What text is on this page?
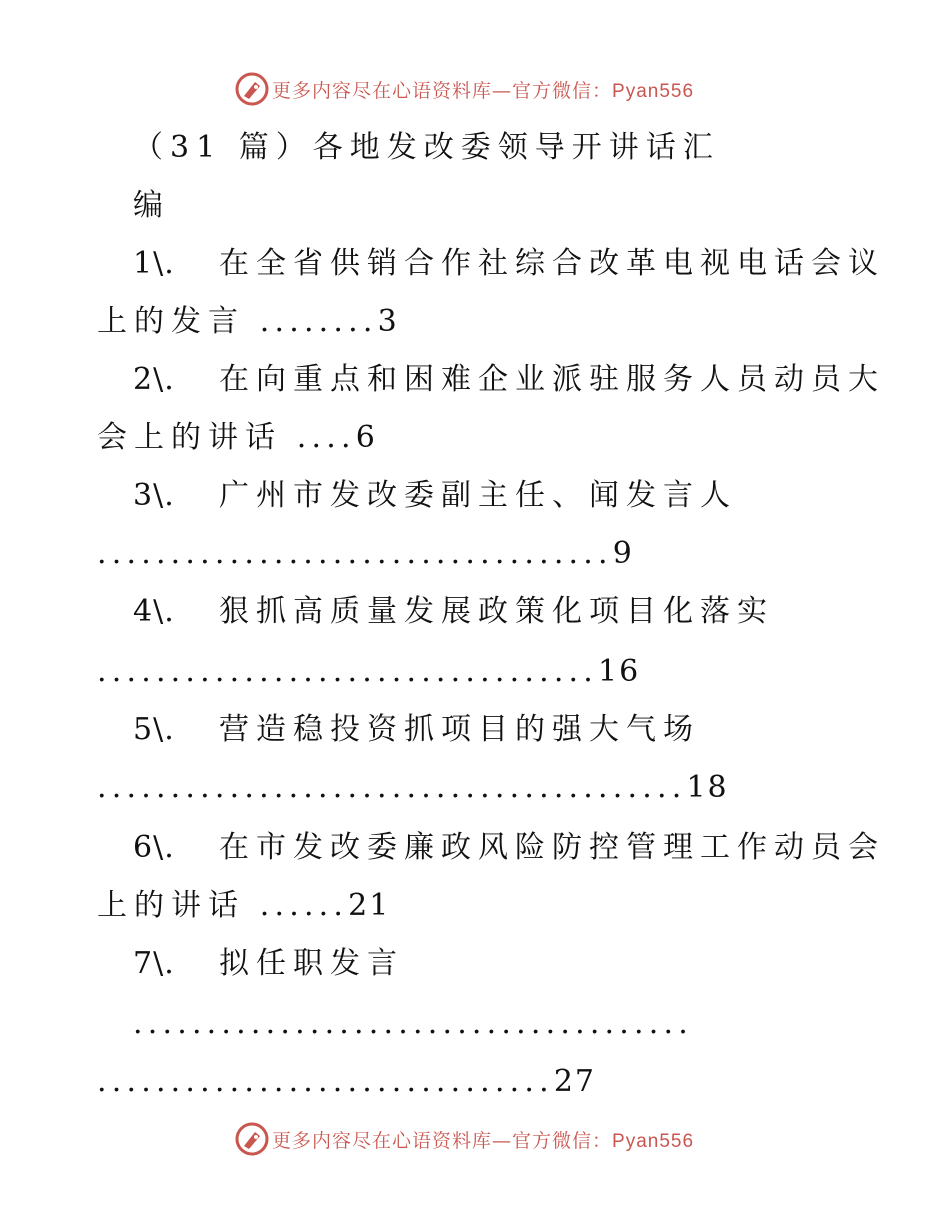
更多内容尽在心语资料库—官方微信：Pyan556
（31 篇）各地发改委领导开讲话汇
编
1\. 在全省供销合作社综合改革电视电话会议
上的发言 ........3
2\. 在向重点和困难企业派驻服务人员动员大
会上的讲话 ....6
3\. 广州市发改委副主任、闻发言人
...................................9
4\. 狠抓高质量发展政策化项目化落实
..................................16
5\. 营造稳投资抓项目的强大气场
........................................18
6\. 在市发改委廉政风险防控管理工作动员会
上的讲话 ......21
7\. 拟任职发言
......................................
...............................27
更多内容尽在心语资料库—官方微信：Pyan556
